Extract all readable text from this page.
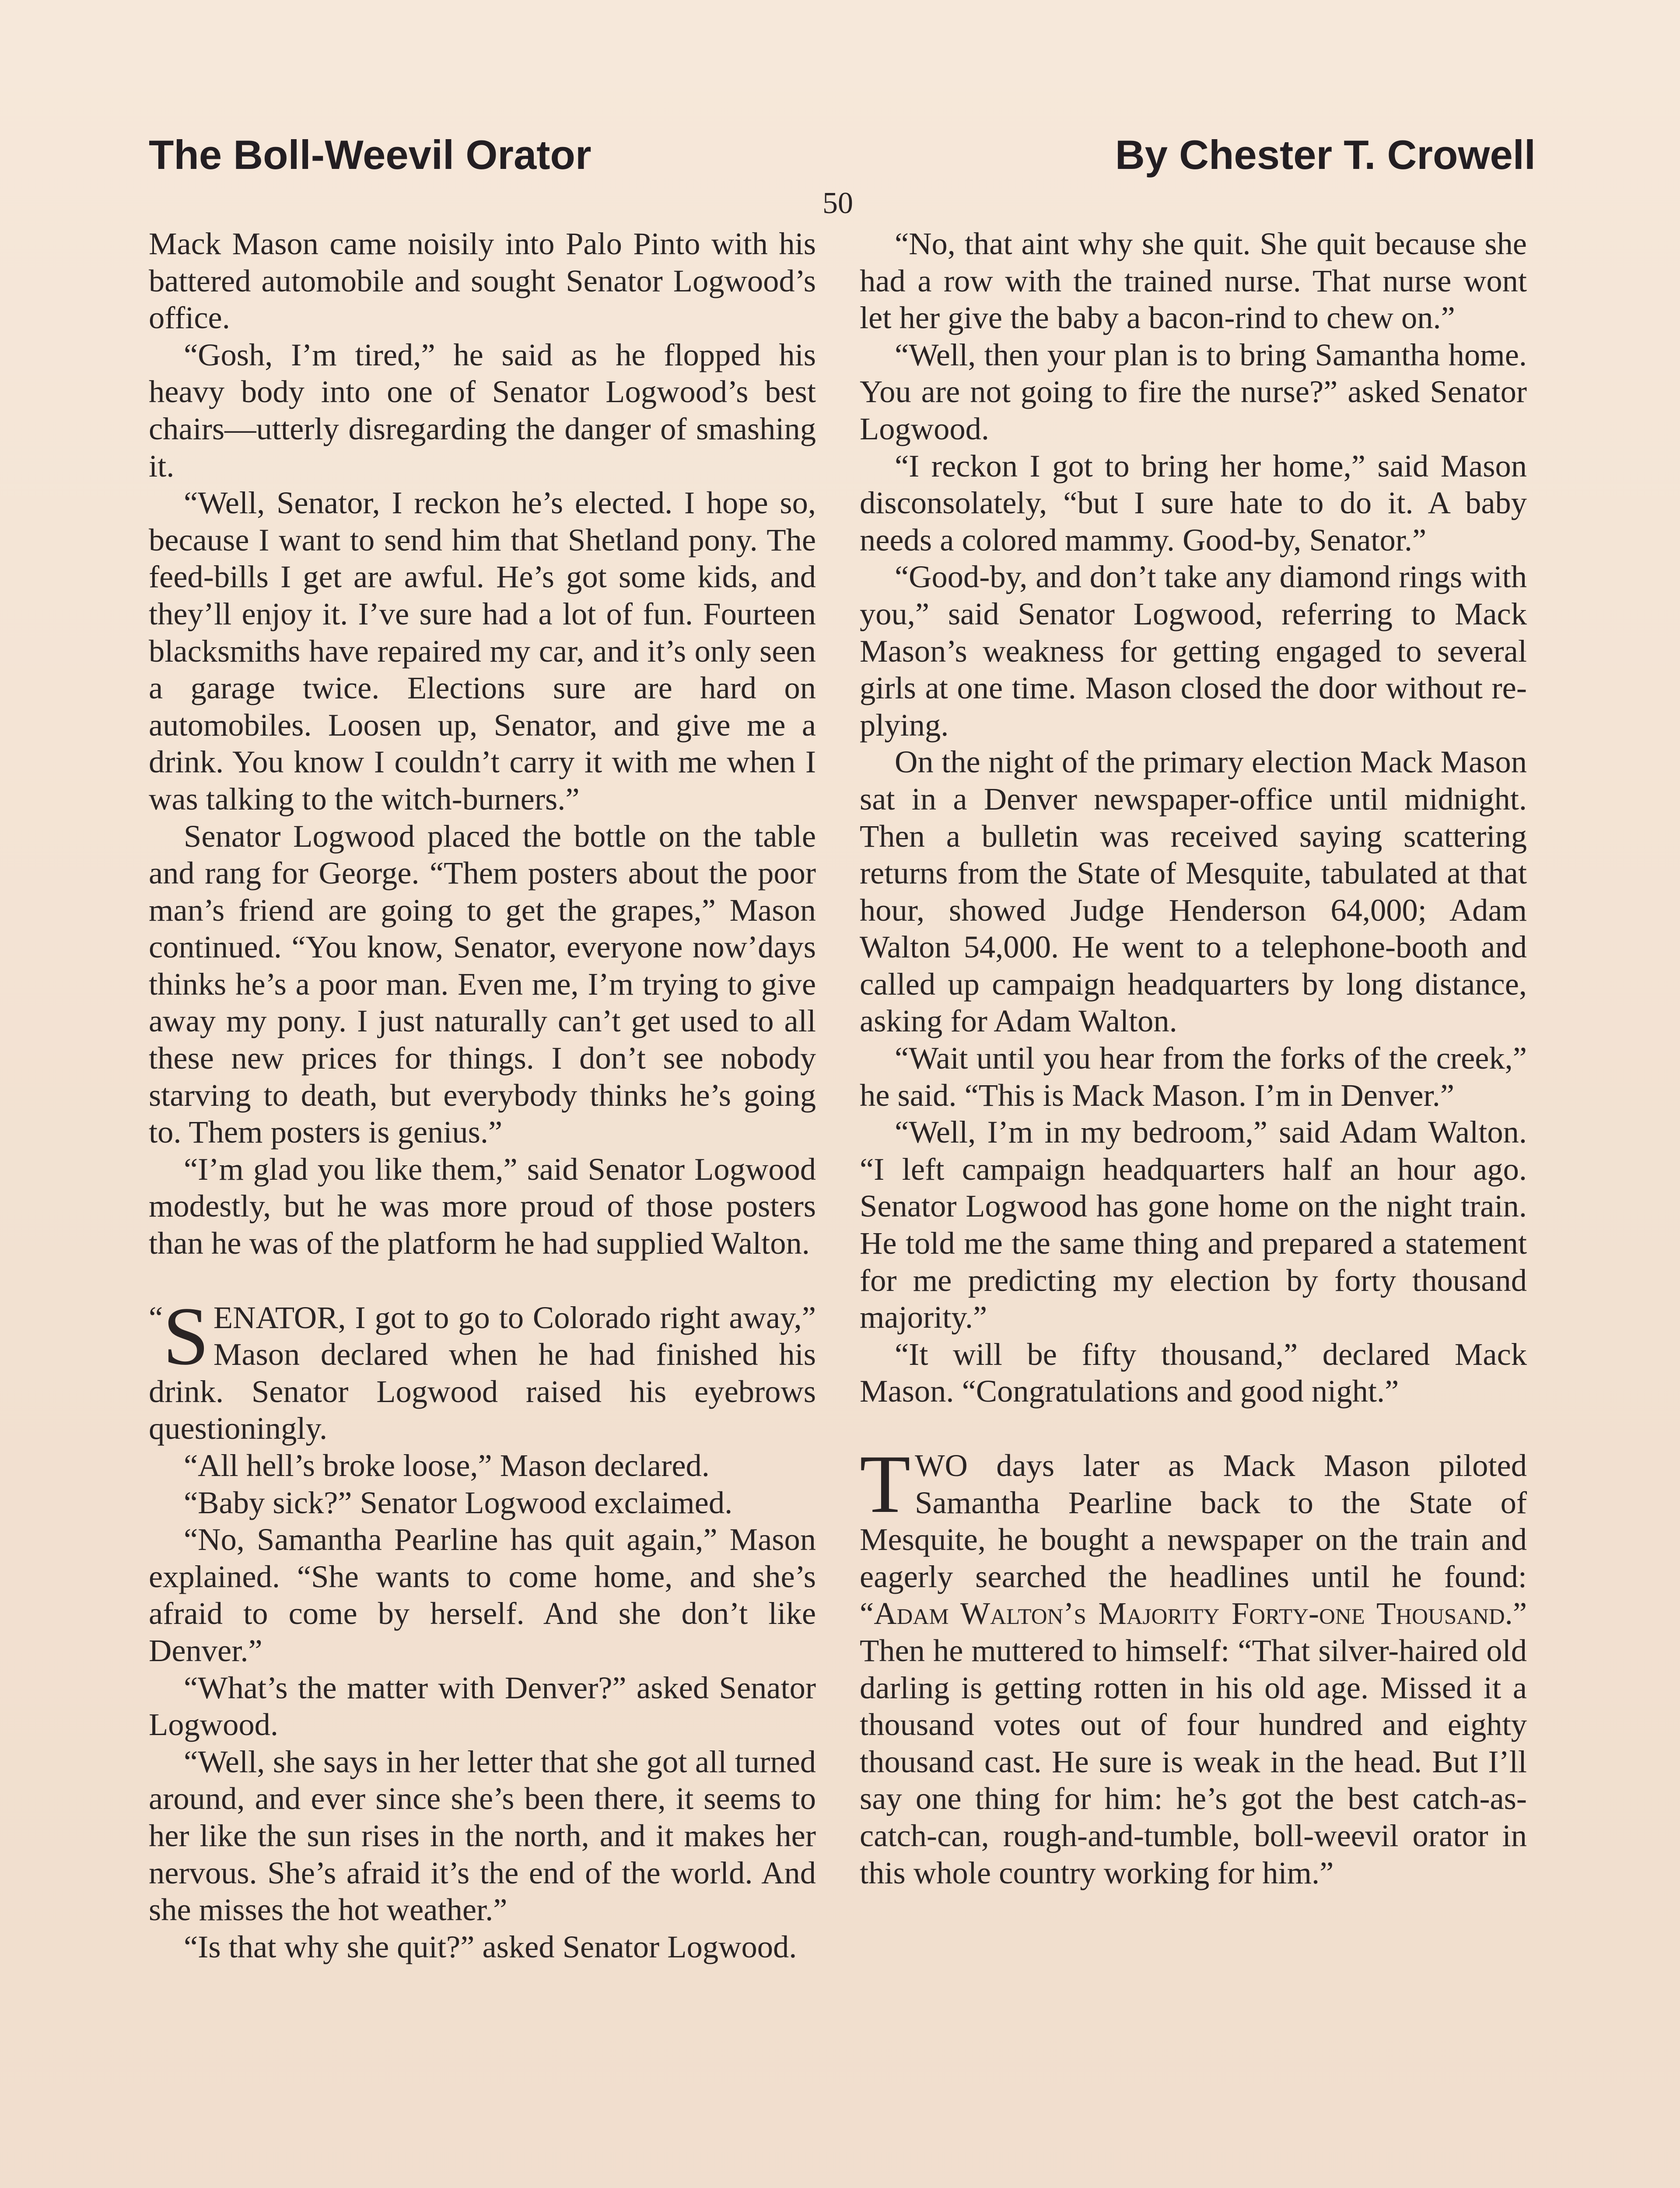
The Boll-Weevil Orator	By Chester T. Crowell
50

Mack Mason came noisily into Palo Pinto with his battered automobile and sought Senator Logwood’s office.

“Gosh, I’m tired,” he said as he flopped his heavy body into one of Senator Logwood’s best chairs—utterly disregarding the danger of smashing it.

“Well, Senator, I reckon he’s elected. I hope so, because I want to send him that Shetland pony. The feed-bills I get are awful. He’s got some kids, and they’ll enjoy it. I’ve sure had a lot of fun. Fourteen blacksmiths have repaired my car, and it’s only seen a garage twice. Elections sure are hard on automobiles. Loosen up, Senator, and give me a drink. You know I couldn’t carry it with me when I was talking to the witch-burners.”

Senator Logwood placed the bottle on the table and rang for George. “Them posters about the poor man’s friend are going to get the grapes,” Mason continued. “You know, Senator, everyone now’days thinks he’s a poor man. Even me, I’m trying to give away my pony. I just naturally can’t get used to all these new prices for things. I don’t see nobody starving to death, but everybody thinks he’s going to. Them posters is genius.”

“I’m glad you like them,” said Senator Logwood modestly, but he was more proud of those posters than he was of the platform he had supplied Walton.

“ S ENATOR, I got to go to Colorado right away,” Mason declared when he had finished his drink. Senator Logwood raised his eyebrows questioningly.

“All hell’s broke loose,” Mason declared.

“Baby sick?” Senator Logwood exclaimed.

“No, Samantha Pearline has quit again,” Mason explained. “She wants to come home, and she’s afraid to come by herself. And she don’t like Denver.”

“What’s the matter with Denver?” asked Senator Logwood.

“Well, she says in her letter that she got all turned around, and ever since she’s been there, it seems to her like the sun rises in the north, and it makes her nervous. She’s afraid it’s the end of the world. And she misses the hot weather.”

“Is that why she quit?” asked Senator Logwood.

“No, that aint why she quit. She quit because she had a row with the trained nurse. That nurse wont let her give the baby a bacon-rind to chew on.”

“Well, then your plan is to bring Samantha home. You are not going to fire the nurse?” asked Senator Logwood.

“I reckon I got to bring her home,” said Mason disconsolately, “but I sure hate to do it. A baby needs a colored mammy. Good-by, Senator.”

“Good-by, and don’t take any diamond rings with you,” said Senator Logwood, referring to Mack Mason’s weakness for getting engaged to several girls at one time. Mason closed the door without replying.

On the night of the primary election Mack Mason sat in a Denver newspaper-office until midnight. Then a bulletin was received saying scattering returns from the State of Mesquite, tabulated at that hour, showed Judge Henderson 64,000; Adam Walton 54,000. He went to a telephone-booth and called up campaign headquarters by long distance, asking for Adam Walton.

“Wait until you hear from the forks of the creek,” he said. “This is Mack Mason. I’m in Denver.”

“Well, I’m in my bedroom,” said Adam Walton. “I left campaign headquarters half an hour ago. Senator Logwood has gone home on the night train. He told me the same thing and prepared a statement for me predicting my election by forty thousand majority.”

“It will be fifty thousand,” declared Mack Mason. “Congratulations and good night.”

TWO days later as Mack Mason piloted Samantha Pearline back to the State of Mesquite, he bought a newspaper on the train and eagerly searched the headlines until he found: “Adam Walton’s Majority Forty-one Thousand.” Then he muttered to himself: “That silver-haired old darling is getting rotten in his old age. Missed it a thousand votes out of four hundred and eighty thousand cast. He sure is weak in the head. But I’ll say one thing for him: he’s got the best catch-as-catch-can, rough-and-tumble, boll-weevil orator in this whole country working for him.”
